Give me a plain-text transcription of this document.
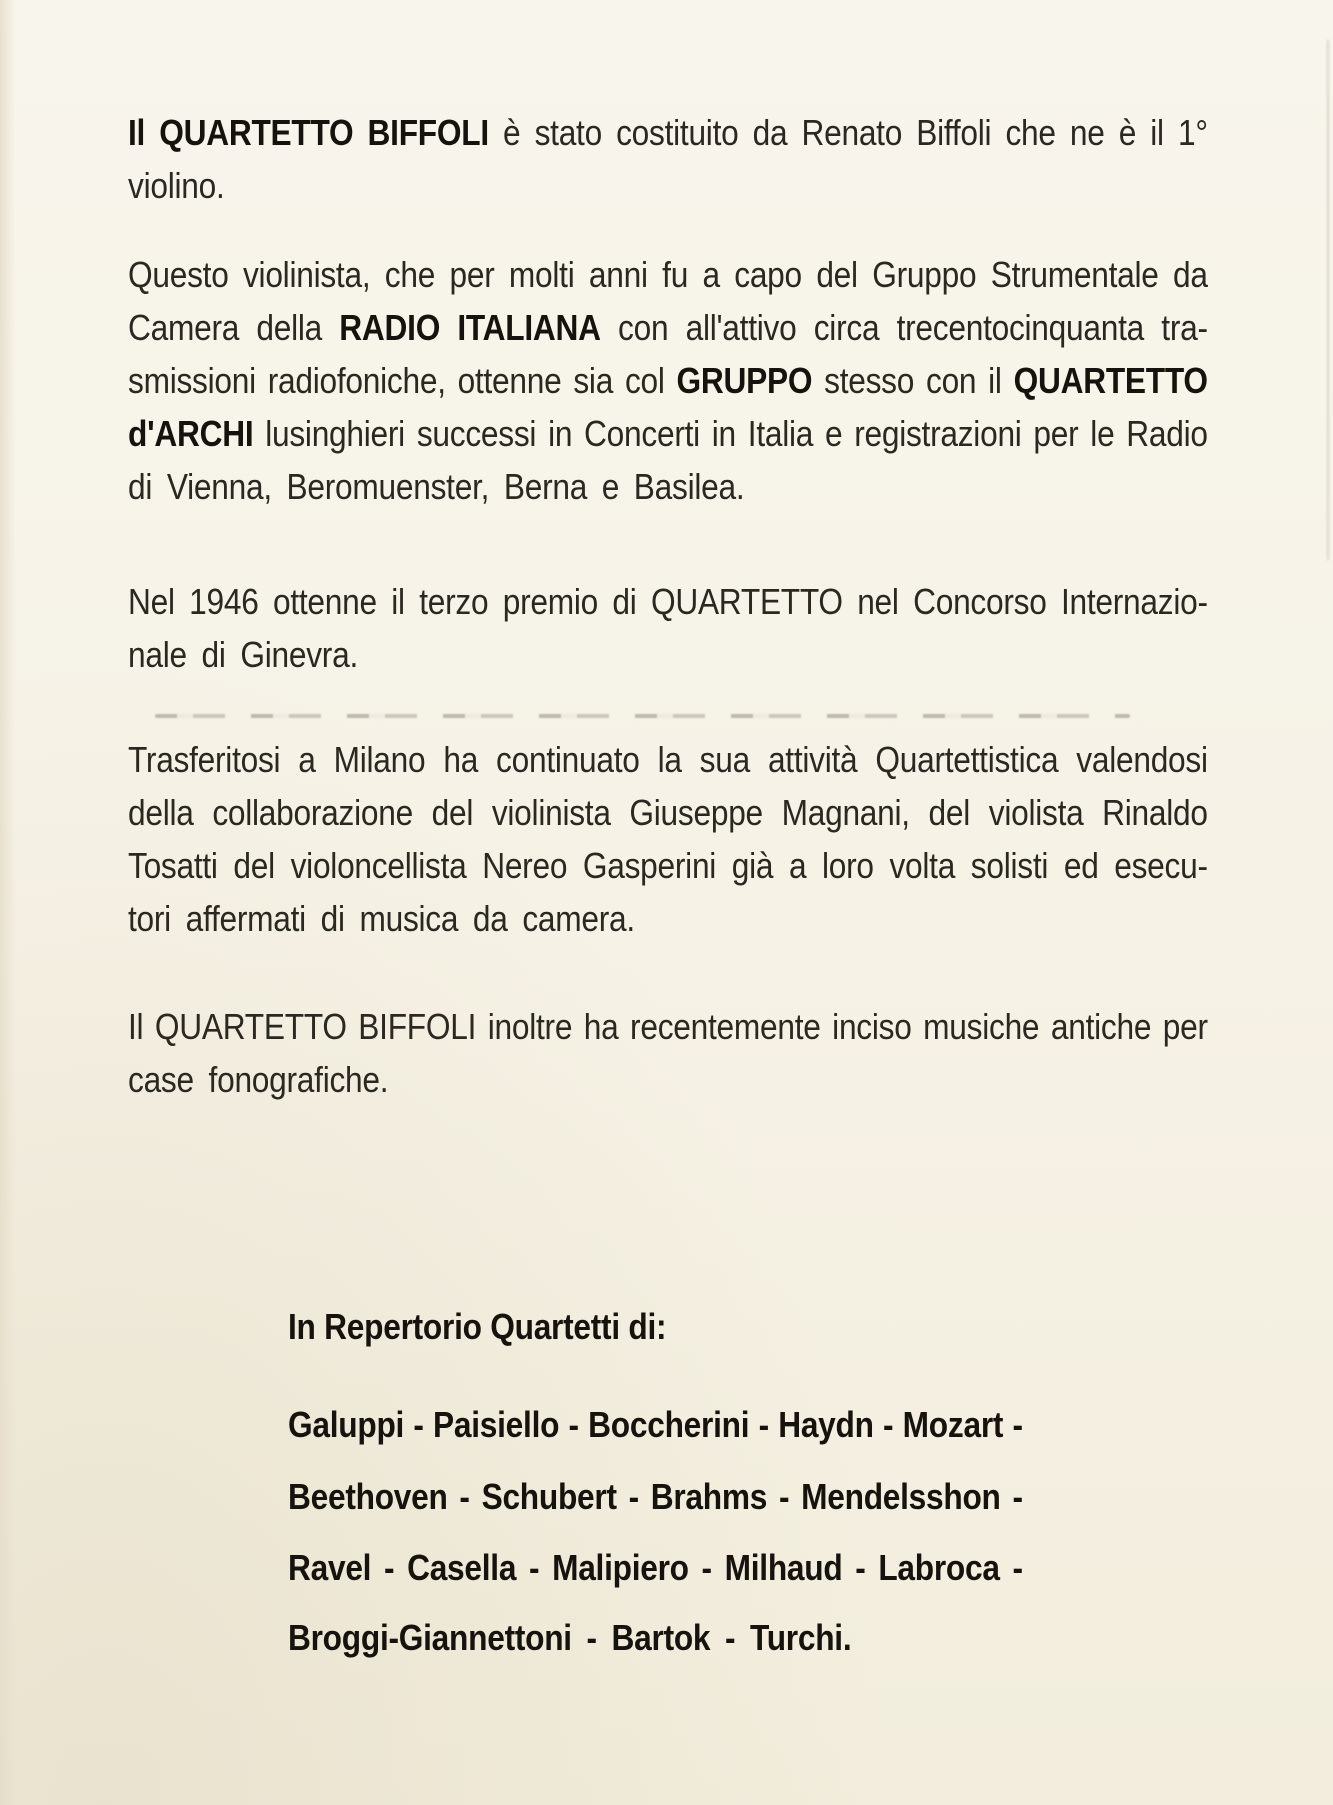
Il QUARTETTO BIFFOLI è stato costituito da Renato Biffoli che ne è il 1°
violino.
Questo violinista, che per molti anni fu a capo del Gruppo Strumentale da
Camera della RADIO ITALIANA con all'attivo circa trecentocinquanta tra-
smissioni radiofoniche, ottenne sia col GRUPPO stesso con il QUARTETTO
d'ARCHI lusinghieri successi in Concerti in Italia e registrazioni per le Radio
di Vienna, Beromuenster, Berna e Basilea.
Nel 1946 ottenne il terzo premio di QUARTETTO nel Concorso Internazio-
nale di Ginevra.
Trasferitosi a Milano ha continuato la sua attività Quartettistica valendosi
della collaborazione del violinista Giuseppe Magnani, del violista Rinaldo
Tosatti del violoncellista Nereo Gasperini già a loro volta solisti ed esecu-
tori affermati di musica da camera.
Il QUARTETTO BIFFOLI inoltre ha recentemente inciso musiche antiche per
case fonografiche.
In Repertorio Quartetti di:
Galuppi - Paisiello - Boccherini - Haydn - Mozart -
Beethoven - Schubert - Brahms - Mendelsshon -
Ravel - Casella - Malipiero - Milhaud - Labroca -
Broggi-Giannettoni - Bartok - Turchi.
